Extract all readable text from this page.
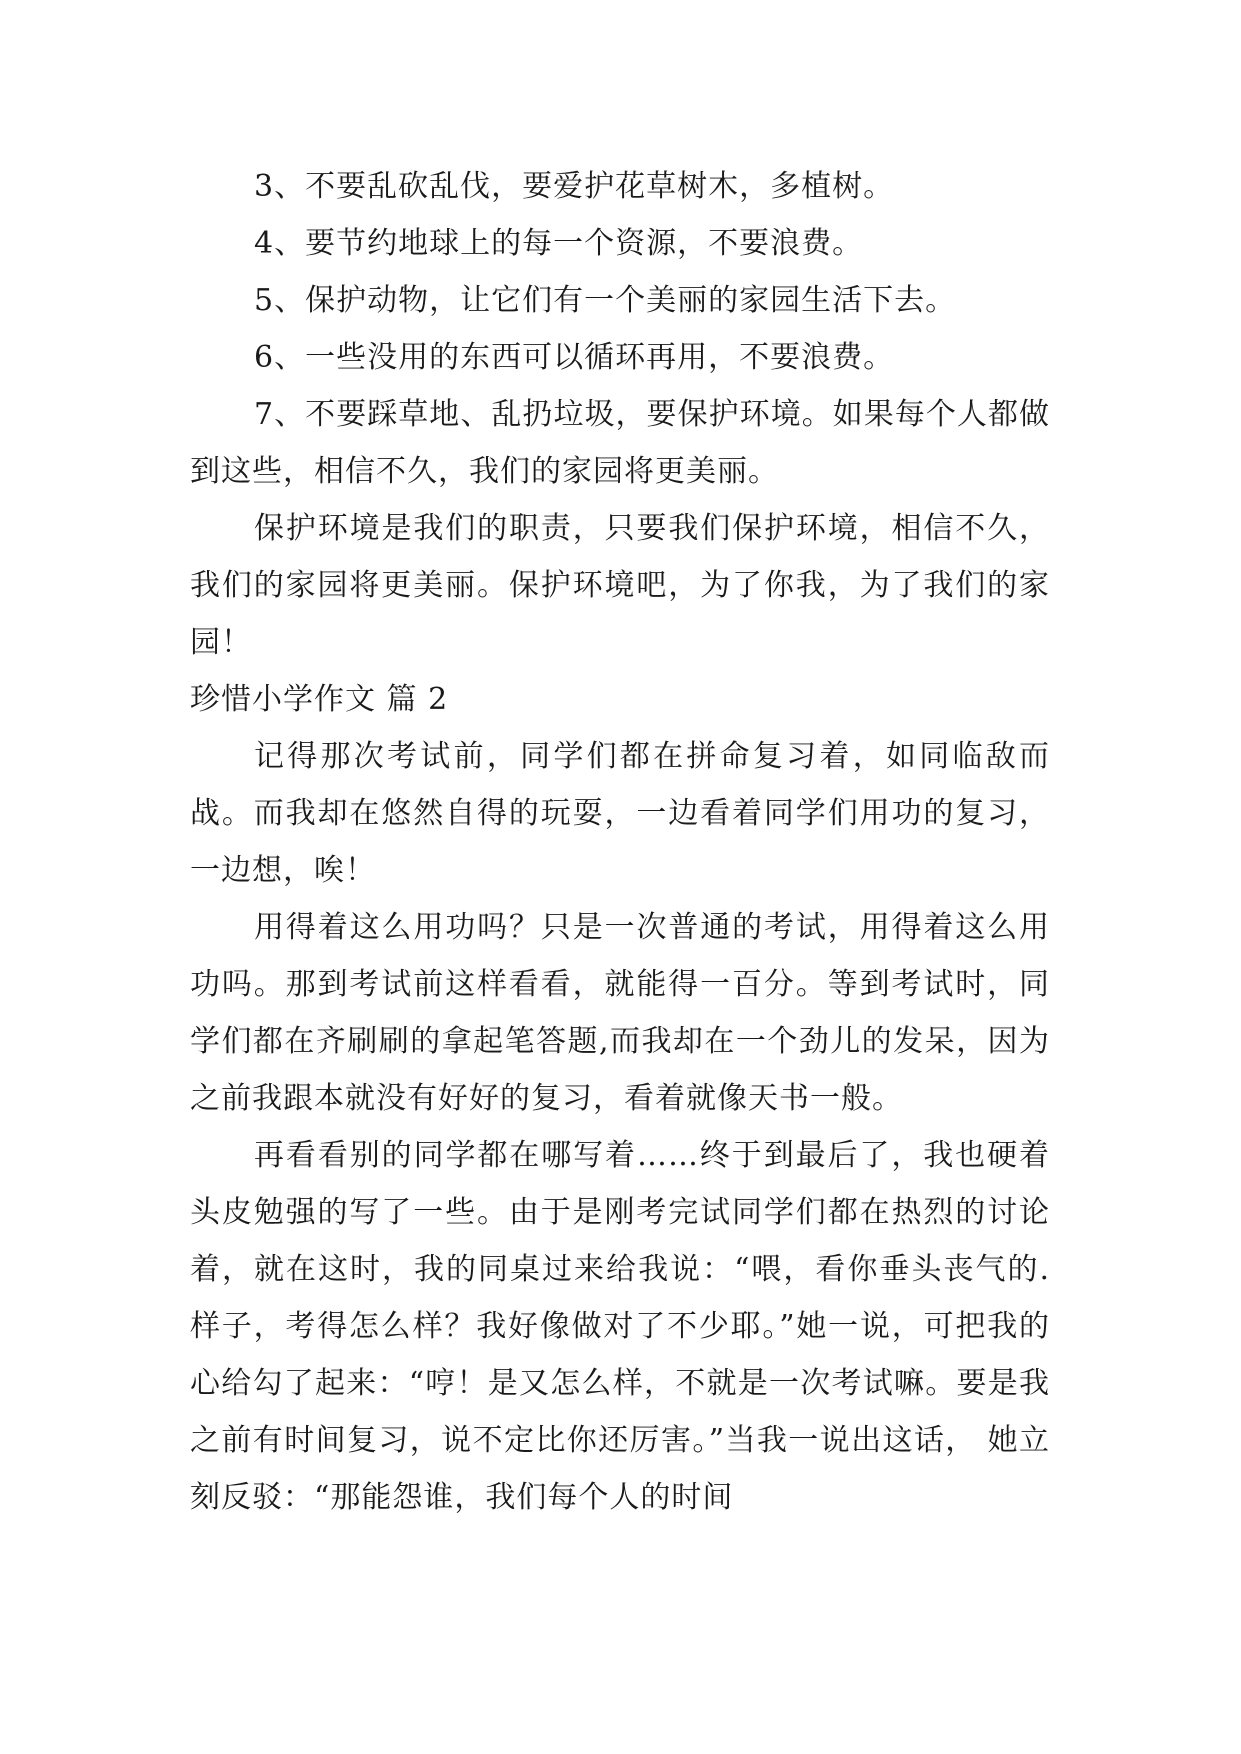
3、不要乱砍乱伐，要爱护花草树木，多植树。

4、要节约地球上的每一个资源，不要浪费。

5、保护动物，让它们有一个美丽的家园生活下去。

6、一些没用的东西可以循环再用，不要浪费。

7、不要踩草地、乱扔垃圾，要保护环境。如果每个人都做到这些，相信不久，我们的家园将更美丽。

保护环境是我们的职责，只要我们保护环境，相信不久，我们的家园将更美丽。保护环境吧，为了你我，为了我们的家园！

珍惜小学作文 篇 2

记得那次考试前，同学们都在拼命复习着，如同临敌而战。而我却在悠然自得的玩耍，一边看着同学们用功的复习，一边想，唉！

用得着这么用功吗？只是一次普通的考试，用得着这么用功吗。那到考试前这样看看，就能得一百分。等到考试时，同学们都在齐刷刷的拿起笔答题,而我却在一个劲儿的发呆，因为之前我跟本就没有好好的复习，看着就像天书一般。

再看看别的同学都在哪写着……终于到最后了，我也硬着头皮勉强的写了一些。由于是刚考完试同学们都在热烈的讨论着，就在这时，我的同桌过来给我说：“喂，看你垂头丧气的.样子，考得怎么样？我好像做对了不少耶。”她一说，可把我的心给勾了起来：“哼！是又怎么样，不就是一次考试嘛。要是我之前有时间复习，说不定比你还厉害。”当我一说出这话， 她立刻反驳：“那能怨谁，我们每个人的时间
